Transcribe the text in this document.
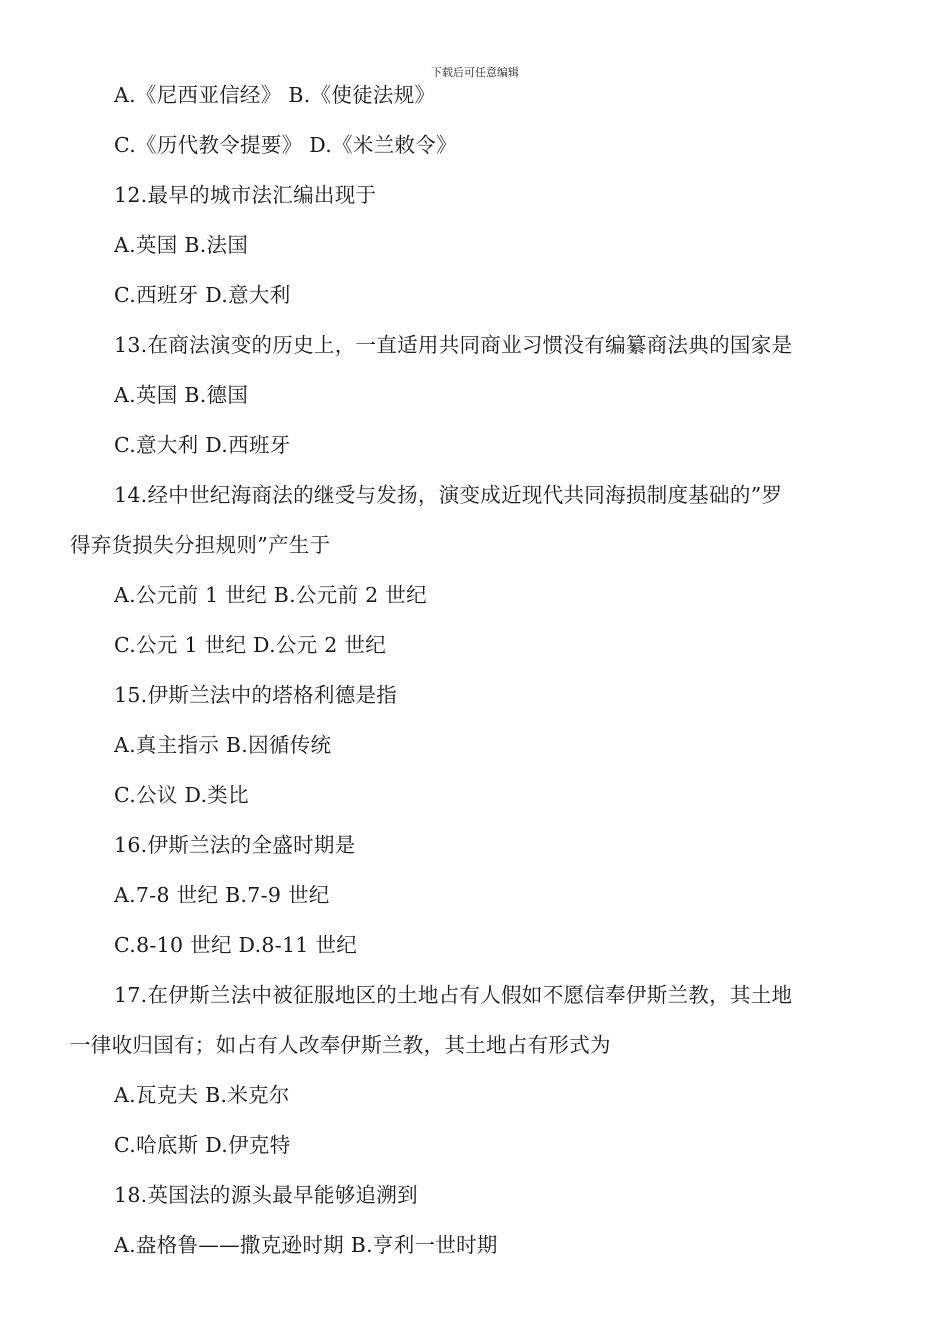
下载后可任意编辑
A.《尼西亚信经》 B.《使徒法规》
C.《历代教令提要》 D.《米兰敕令》
12.最早的城市法汇编出现于
A.英国 B.法国
C.西班牙 D.意大利
13.在商法演变的历史上，一直适用共同商业习惯没有编纂商法典的国家是
A.英国 B.德国
C.意大利 D.西班牙
14.经中世纪海商法的继受与发扬，演变成近现代共同海损制度基础的”罗
得弃货损失分担规则”产生于
A.公元前 1 世纪 B.公元前 2 世纪
C.公元 1 世纪 D.公元 2 世纪
15.伊斯兰法中的塔格利德是指
A.真主指示 B.因循传统
C.公议 D.类比
16.伊斯兰法的全盛时期是
A.7-8 世纪 B.7-9 世纪
C.8-10 世纪 D.8-11 世纪
17.在伊斯兰法中被征服地区的土地占有人假如不愿信奉伊斯兰教，其土地
一律收归国有；如占有人改奉伊斯兰教，其土地占有形式为
A.瓦克夫 B.米克尔
C.哈底斯 D.伊克特
18.英国法的源头最早能够追溯到
A.盎格鲁——撒克逊时期 B.亨利一世时期
